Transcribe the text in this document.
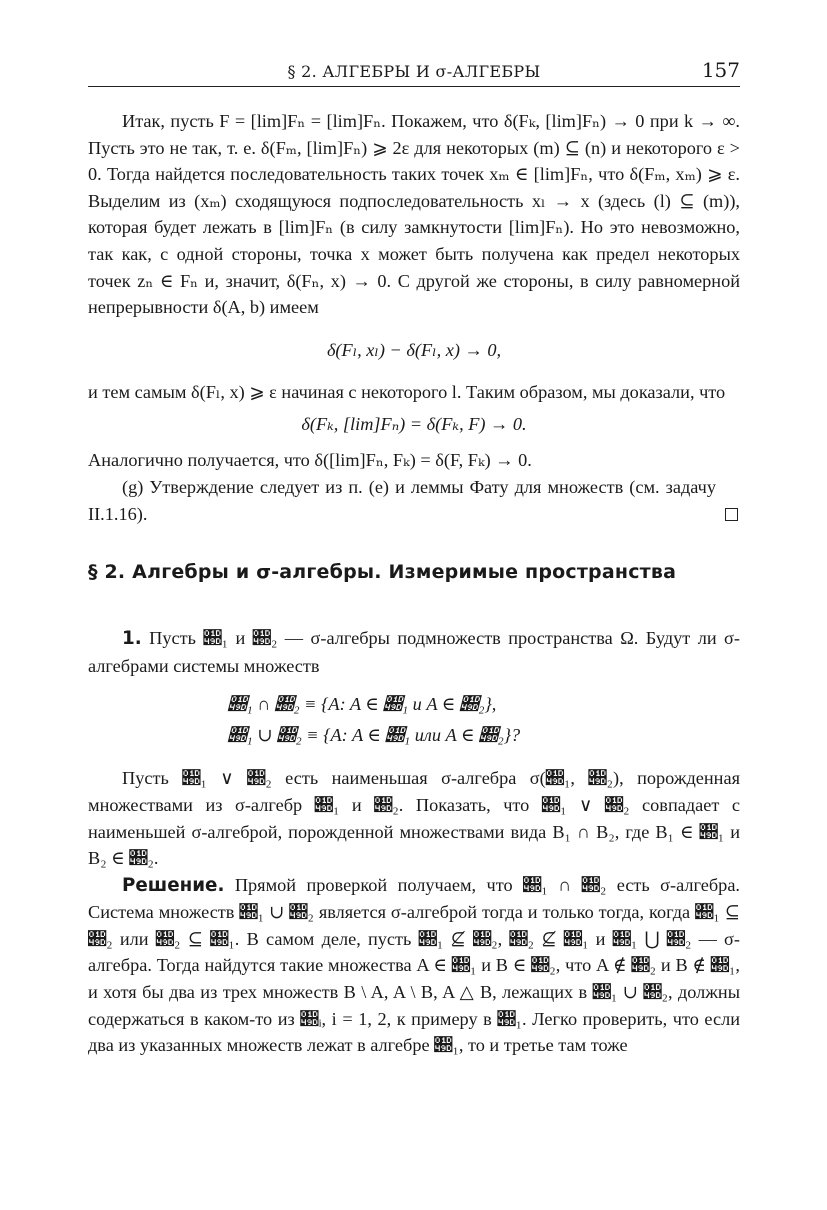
§ 2. АЛГЕБРЫ И σ-АЛГЕБРЫ	157

Итак, пусть F = [lim]Fₙ = [lim]Fₙ. Покажем, что δ(Fₖ, [lim]Fₙ) → 0 при k → ∞. Пусть это не так, т. е. δ(Fₘ, [lim]Fₙ) ⩾ 2ε для некоторых (m) ⊆ (n) и некоторого ε > 0. Тогда найдется последовательность таких точек xₘ ∈ [lim]Fₙ, что δ(Fₘ, xₘ) ⩾ ε. Выделим из (xₘ) сходящуюся подпоследовательность xₗ → x (здесь (l) ⊆ (m)), которая будет лежать в [lim]Fₙ (в силу замкнутости [lim]Fₙ). Но это невозможно, так как, с одной стороны, точка x может быть получена как предел некоторых точек zₙ ∈ Fₙ и, значит, δ(Fₙ, x) → 0. С другой же стороны, в силу равномерной непрерывности δ(A, b) имеем

δ(Fₗ, xₗ) − δ(Fₗ, x) → 0,

и тем самым δ(Fₗ, x) ⩾ ε начиная с некоторого l. Таким образом, мы доказали, что

δ(Fₖ, [lim]Fₙ) = δ(Fₖ, F) → 0.

Аналогично получается, что δ([lim]Fₙ, Fₖ) = δ(F, Fₖ) → 0.

(g) Утверждение следует из п. (e) и леммы Фату для множеств (см. задачу II.1.16).

§ 2. Алгебры и σ-алгебры. Измеримые пространства

1. Пусть 𝒝₁ и 𝒝₂ — σ-алгебры подмножеств пространства Ω. Будут ли σ-алгебрами системы множеств

𝒝₁ ∩ 𝒝₂ ≡ {A: A ∈ 𝒝₁ и A ∈ 𝒝₂},

𝒝₁ ∪ 𝒝₂ ≡ {A: A ∈ 𝒝₁ или A ∈ 𝒝₂}?

Пусть 𝒝₁ ∨ 𝒝₂ есть наименьшая σ-алгебра σ(𝒝₁, 𝒝₂), порожденная множествами из σ-алгебр 𝒝₁ и 𝒝₂. Показать, что 𝒝₁ ∨ 𝒝₂ совпадает с наименьшей σ-алгеброй, порожденной множествами вида B₁ ∩ B₂, где B₁ ∈ 𝒝₁ и B₂ ∈ 𝒝₂.

Решение. Прямой проверкой получаем, что 𝒝₁ ∩ 𝒝₂ есть σ-алгебра. Система множеств 𝒝₁ ∪ 𝒝₂ является σ-алгеброй тогда и только тогда, когда 𝒝₁ ⊆ 𝒝₂ или 𝒝₂ ⊆ 𝒝₁. В самом деле, пусть 𝒝₁ ⊈ 𝒝₂, 𝒝₂ ⊈ 𝒝₁ и 𝒝₁ ⋃ 𝒝₂ — σ-алгебра. Тогда найдутся такие множества A ∈ 𝒝₁ и B ∈ 𝒝₂, что A ∉ 𝒝₂ и B ∉ 𝒝₁, и хотя бы два из трех множеств B \ A, A \ B, A △ B, лежащих в 𝒝₁ ∪ 𝒝₂, должны содержаться в каком-то из 𝒝ᵢ, i = 1, 2, к примеру в 𝒝₁. Легко проверить, что если два из указанных множеств лежат в алгебре 𝒝₁, то и третье там тоже
